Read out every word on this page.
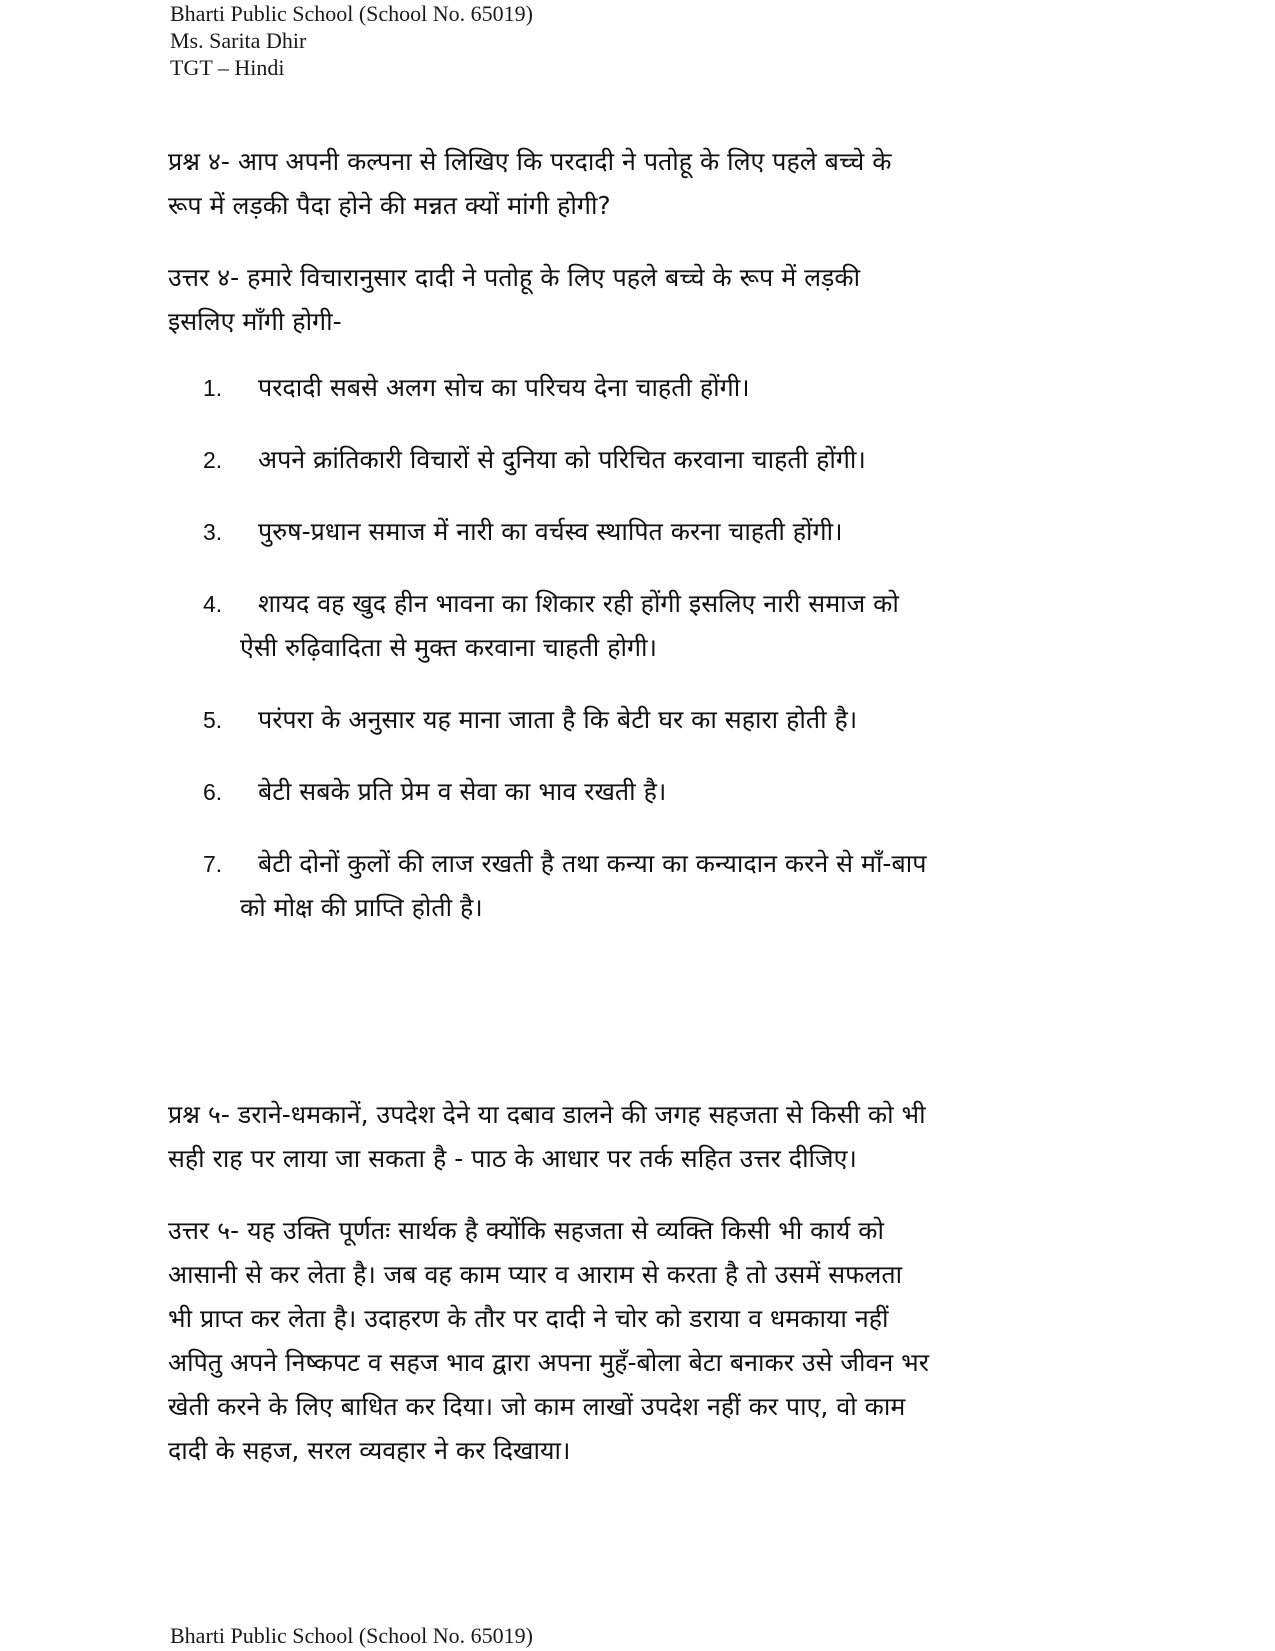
Bharti Public School (School No. 65019)
Ms. Sarita Dhir
TGT – Hindi

प्रश्न ४- आप अपनी कल्पना से लिखिए कि परदादी ने पतोहू के लिए पहले बच्चे के

रूप में लड़की पैदा होने की मन्नत क्यों मांगी होगी?

उत्तर ४- हमारे विचारानुसार दादी ने पतोहू के लिए पहले बच्चे के रूप में लड़की

इसलिए माँगी होगी-

1. परदादी सबसे अलग सोच का परिचय देना चाहती होंगी।
2. अपने क्रांतिकारी विचारों से दुनिया को परिचित करवाना चाहती होंगी।
3. पुरुष-प्रधान समाज में नारी का वर्चस्व स्थापित करना चाहती होंगी।
4. शायद वह खुद हीन भावना का शिकार रही होंगी इसलिए नारी समाज को
ऐसी रुढ़िवादिता से मुक्त करवाना चाहती होगी।
5. परंपरा के अनुसार यह माना जाता है कि बेटी घर का सहारा होती है।
6. बेटी सबके प्रति प्रेम व सेवा का भाव रखती है।
7. बेटी दोनों कुलों की लाज रखती है तथा कन्या का कन्यादान करने से माँ-बाप
को मोक्ष की प्राप्ति होती है।

प्रश्न ५- डराने-धमकानें, उपदेश देने या दबाव डालने की जगह सहजता से किसी को भी

सही राह पर लाया जा सकता है - पाठ के आधार पर तर्क सहित उत्तर दीजिए।

उत्तर ५- यह उक्ति पूर्णतः सार्थक है क्योंकि सहजता से व्यक्ति किसी भी कार्य को

आसानी से कर लेता है। जब वह काम प्यार व आराम से करता है तो उसमें सफलता

भी प्राप्त कर लेता है। उदाहरण के तौर पर दादी ने चोर को डराया व धमकाया नहीं

अपितु अपने निष्कपट व सहज भाव द्वारा अपना मुहँ-बोला बेटा बनाकर उसे जीवन भर

खेती करने के लिए बाधित कर दिया। जो काम लाखों उपदेश नहीं कर पाए, वो काम

दादी के सहज, सरल व्यवहार ने कर दिखाया।

Bharti Public School (School No. 65019)
